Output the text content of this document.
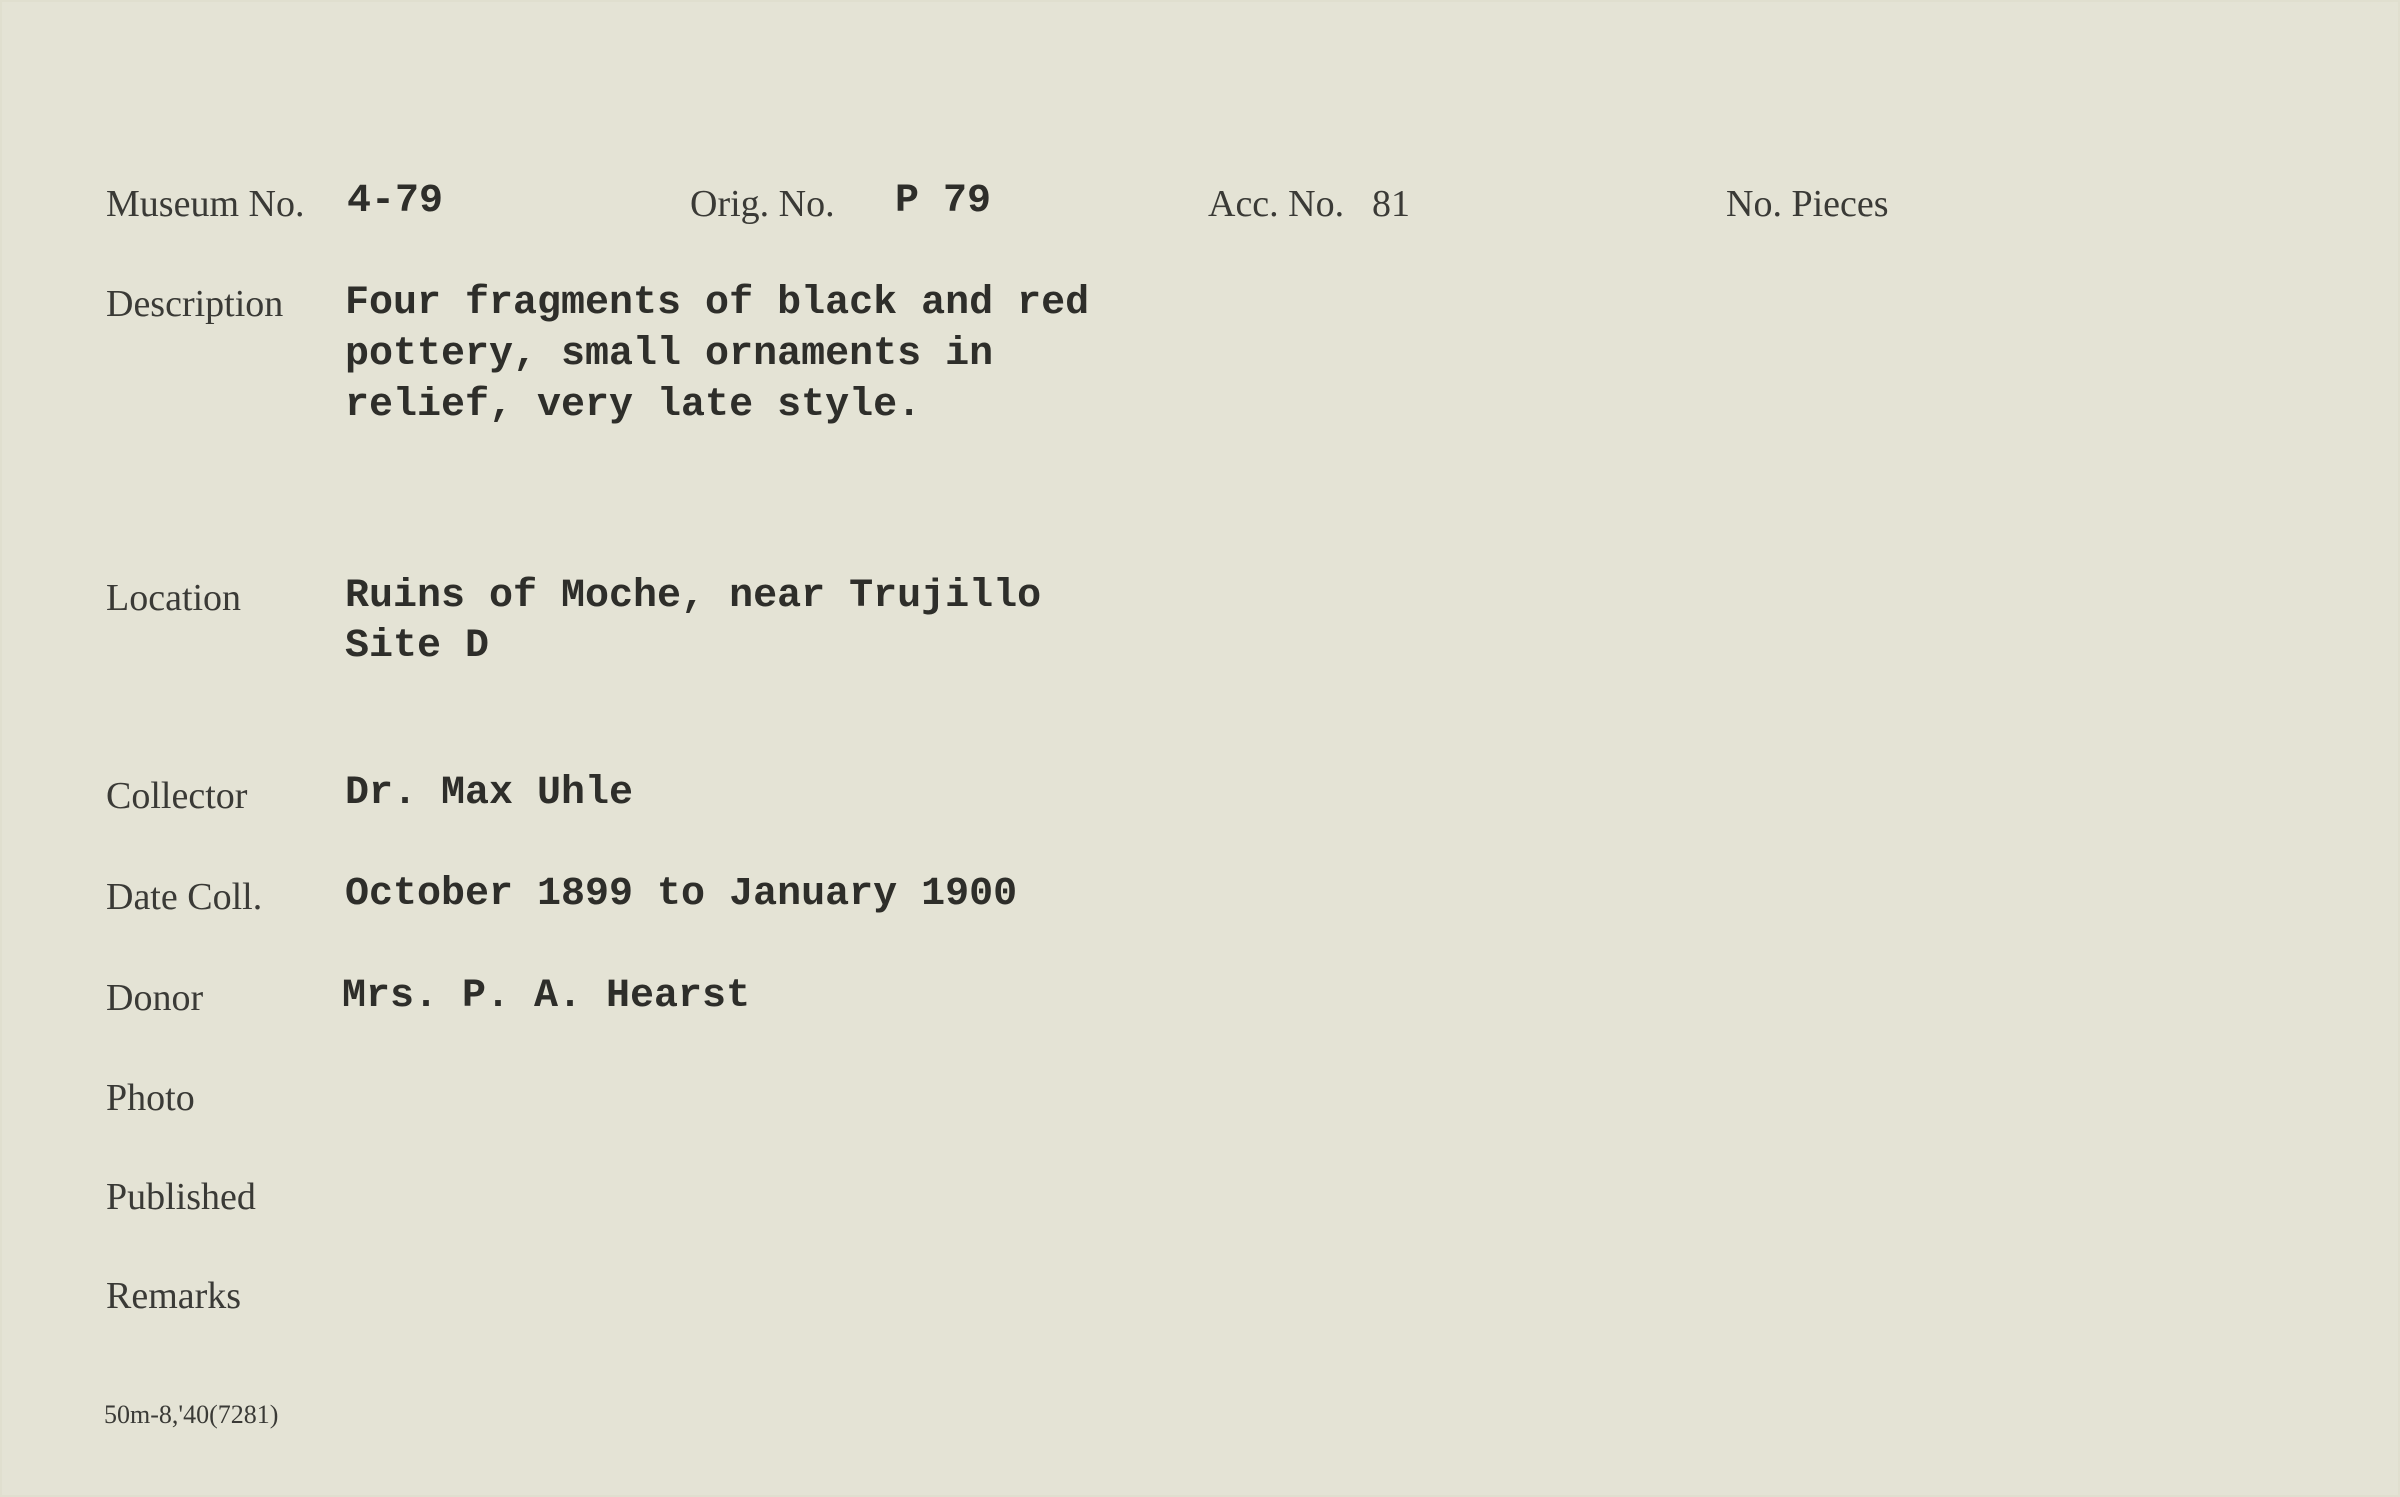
Museum No. 4-79	Orig. No. P 79	Acc. No. 81	No. Pieces
Description Four fragments of black and red
pottery, small ornaments in
relief, very late style.
Location	Ruins of Moche, near Trujillo
Site D
Collector Dr. Max Uhle
Date Coll. October 1899 to January 1900
Donor	Mrs. P. A. Hearst
Photo
Published
Remarks
50m-8,'40(7281)
